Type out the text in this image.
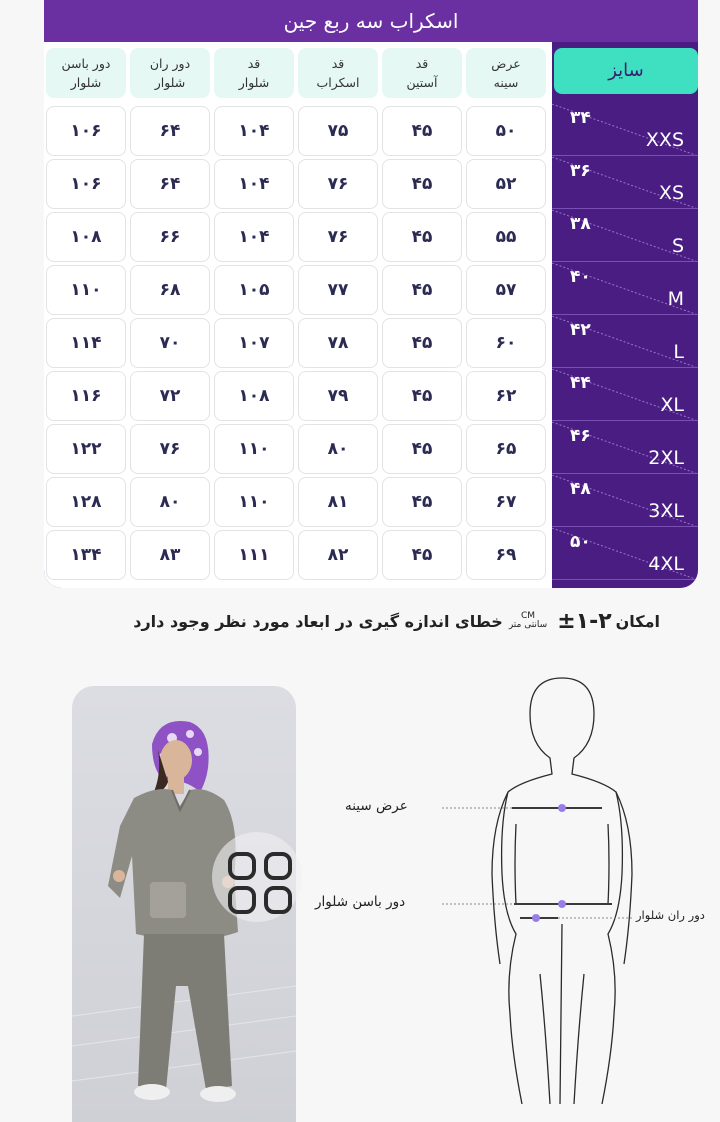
اسکراب سه ربع جین
سایز
عرض
سینه
قد
آستین
قد
اسکراب
قد
شلوار
دور ران
شلوار
دور باسن
شلوار
۳۴
XXS
۵۰
۴۵
۷۵
۱۰۴
۶۴
۱۰۶
۳۶
XS
۵۲
۴۵
۷۶
۱۰۴
۶۴
۱۰۶
۳۸
S
۵۵
۴۵
۷۶
۱۰۴
۶۶
۱۰۸
۴۰
M
۵۷
۴۵
۷۷
۱۰۵
۶۸
۱۱۰
۴۲
L
۶۰
۴۵
۷۸
۱۰۷
۷۰
۱۱۴
۴۴
XL
۶۲
۴۵
۷۹
۱۰۸
۷۲
۱۱۶
۴۶
2XL
۶۵
۴۵
۸۰
۱۱۰
۷۶
۱۲۲
۴۸
3XL
۶۷
۴۵
۸۱
۱۱۰
۸۰
۱۲۸
۵۰
4XL
۶۹
۴۵
۸۲
۱۱۱
۸۳
۱۳۴
امکان
±۱-۲
CM
سانتی متر
خطای اندازه گیری در ابعاد مورد نظر وجود دارد
عرض سینه
دور باسن شلوار
دور ران شلوار
